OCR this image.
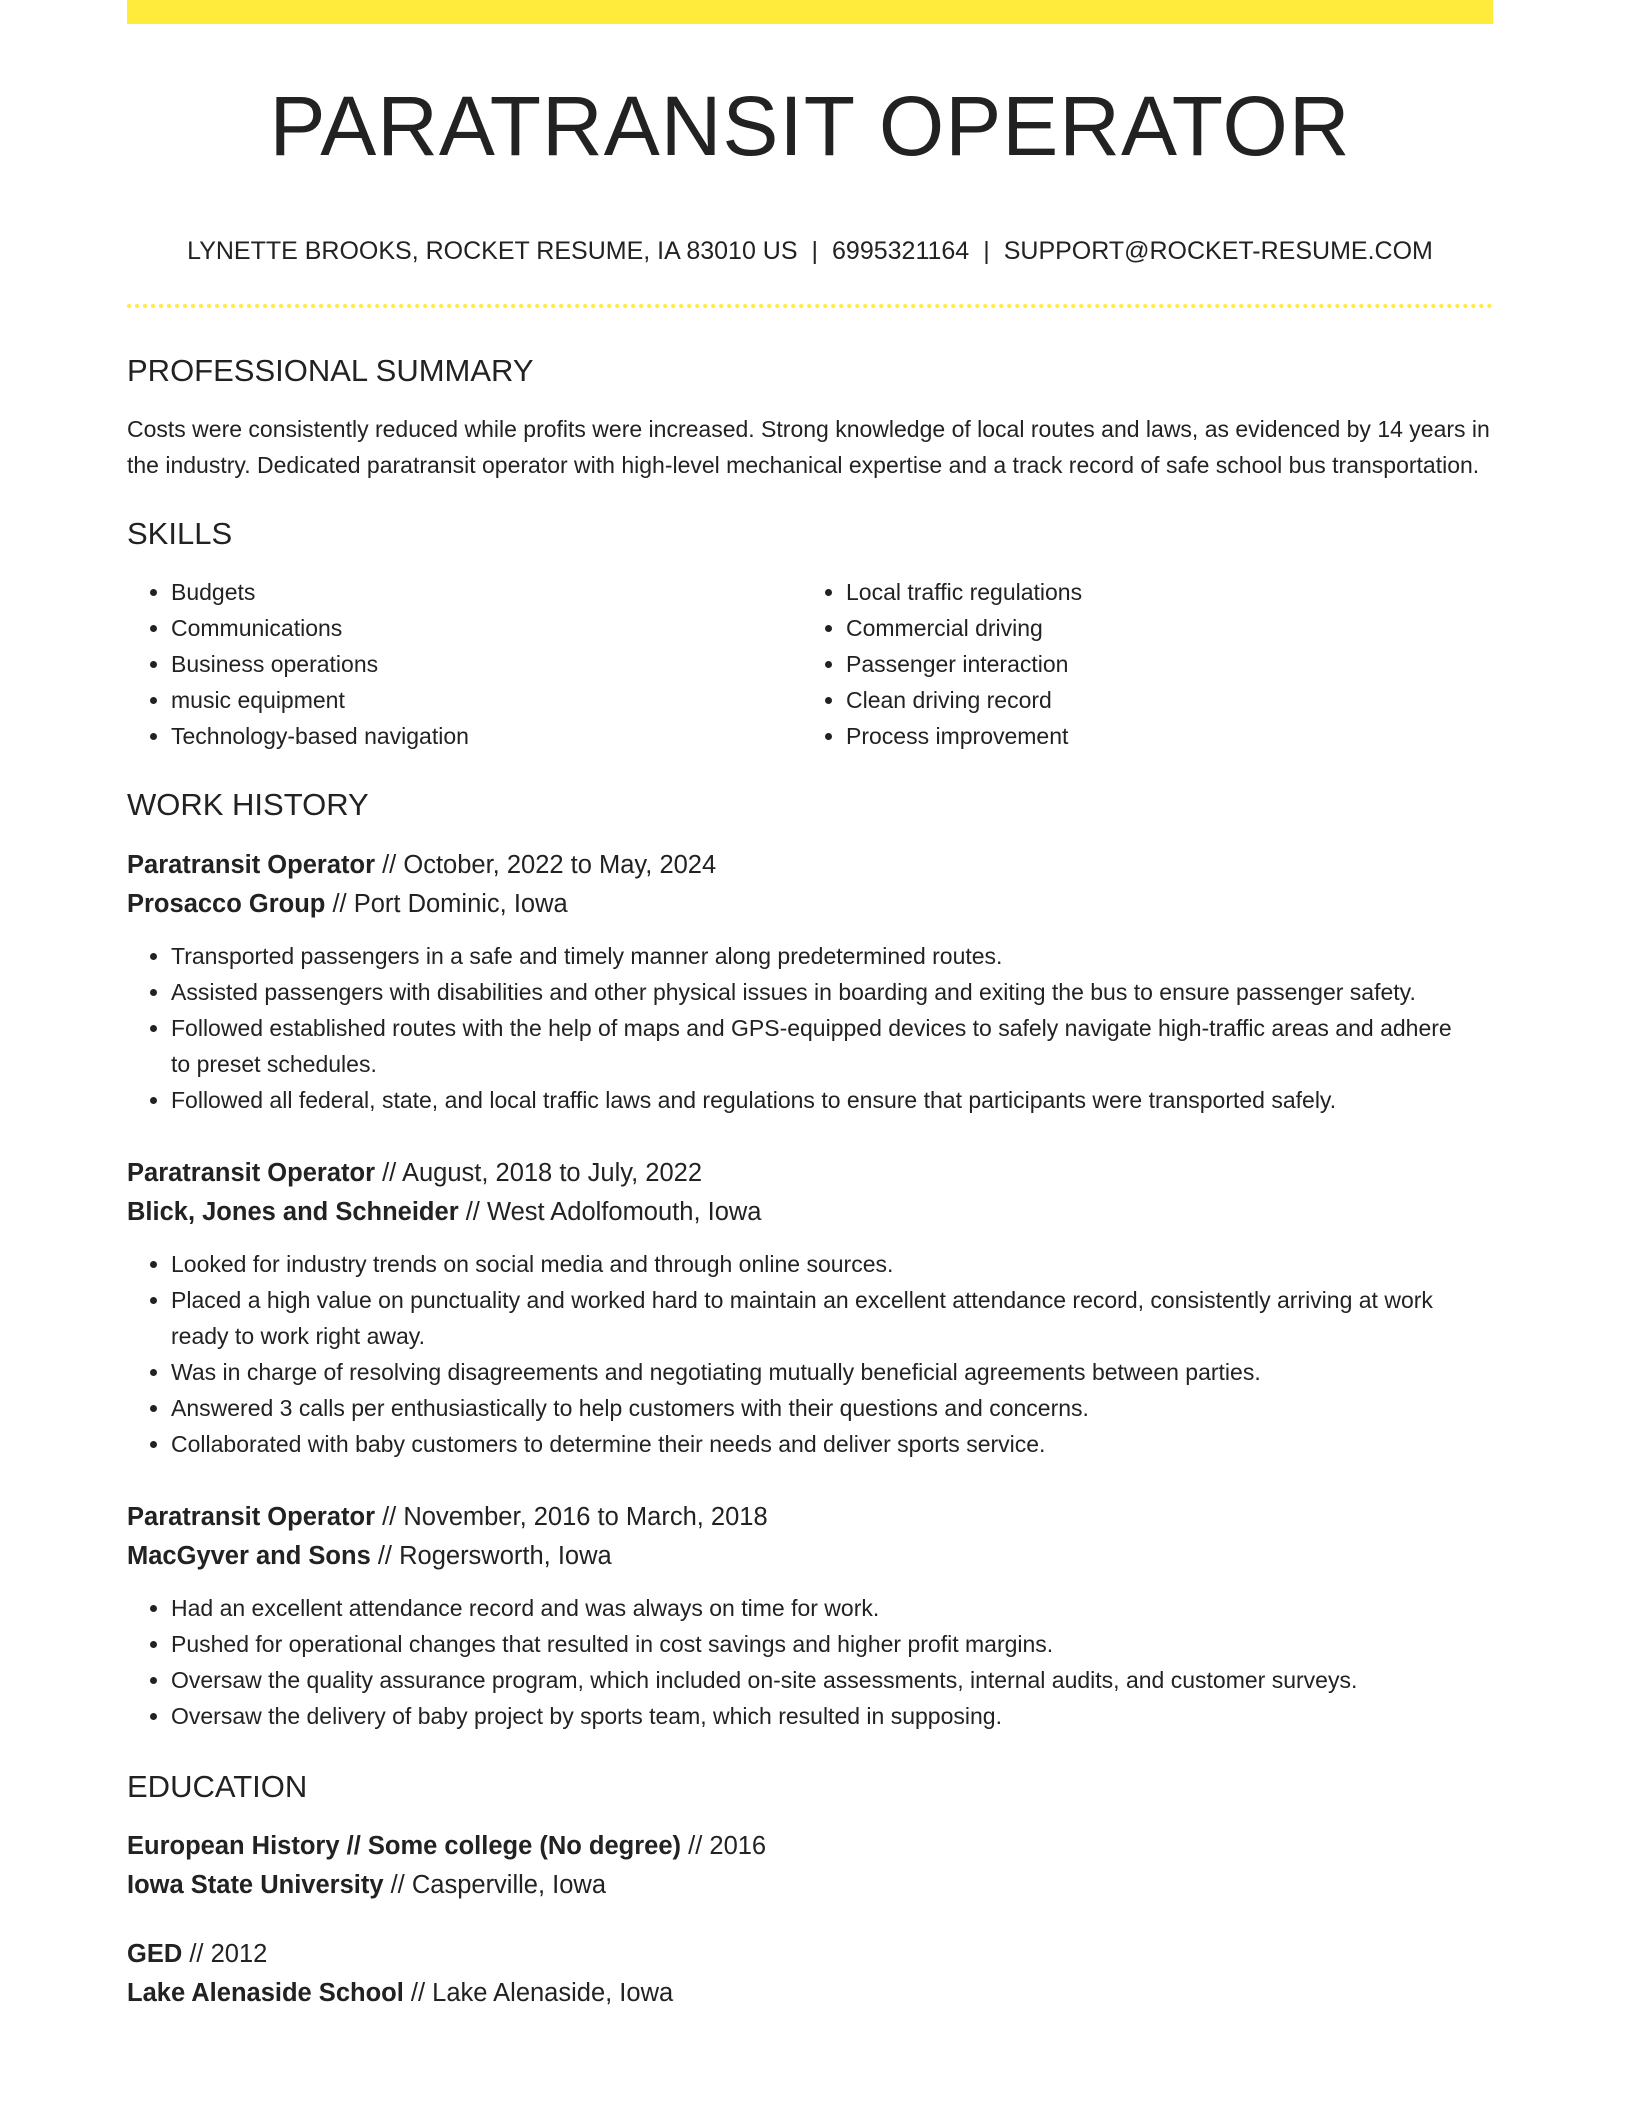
PARATRANSIT OPERATOR
LYNETTE BROOKS, ROCKET RESUME, IA 83010 US | 6995321164 | SUPPORT@ROCKET-RESUME.COM
PROFESSIONAL SUMMARY
Costs were consistently reduced while profits were increased. Strong knowledge of local routes and laws, as evidenced by 14 years in the industry. Dedicated paratransit operator with high-level mechanical expertise and a track record of safe school bus transportation.
SKILLS
• Budgets
• Communications
• Business operations
• music equipment
• Technology-based navigation
• Local traffic regulations
• Commercial driving
• Passenger interaction
• Clean driving record
• Process improvement
WORK HISTORY
Paratransit Operator // October, 2022 to May, 2024
Prosacco Group // Port Dominic, Iowa
• Transported passengers in a safe and timely manner along predetermined routes.
• Assisted passengers with disabilities and other physical issues in boarding and exiting the bus to ensure passenger safety.
• Followed established routes with the help of maps and GPS-equipped devices to safely navigate high-traffic areas and adhere to preset schedules.
• Followed all federal, state, and local traffic laws and regulations to ensure that participants were transported safely.
Paratransit Operator // August, 2018 to July, 2022
Blick, Jones and Schneider // West Adolfomouth, Iowa
• Looked for industry trends on social media and through online sources.
• Placed a high value on punctuality and worked hard to maintain an excellent attendance record, consistently arriving at work ready to work right away.
• Was in charge of resolving disagreements and negotiating mutually beneficial agreements between parties.
• Answered 3 calls per enthusiastically to help customers with their questions and concerns.
• Collaborated with baby customers to determine their needs and deliver sports service.
Paratransit Operator // November, 2016 to March, 2018
MacGyver and Sons // Rogersworth, Iowa
• Had an excellent attendance record and was always on time for work.
• Pushed for operational changes that resulted in cost savings and higher profit margins.
• Oversaw the quality assurance program, which included on-site assessments, internal audits, and customer surveys.
• Oversaw the delivery of baby project by sports team, which resulted in supposing.
EDUCATION
European History // Some college (No degree) // 2016
Iowa State University // Casperville, Iowa
GED // 2012
Lake Alenaside School // Lake Alenaside, Iowa
